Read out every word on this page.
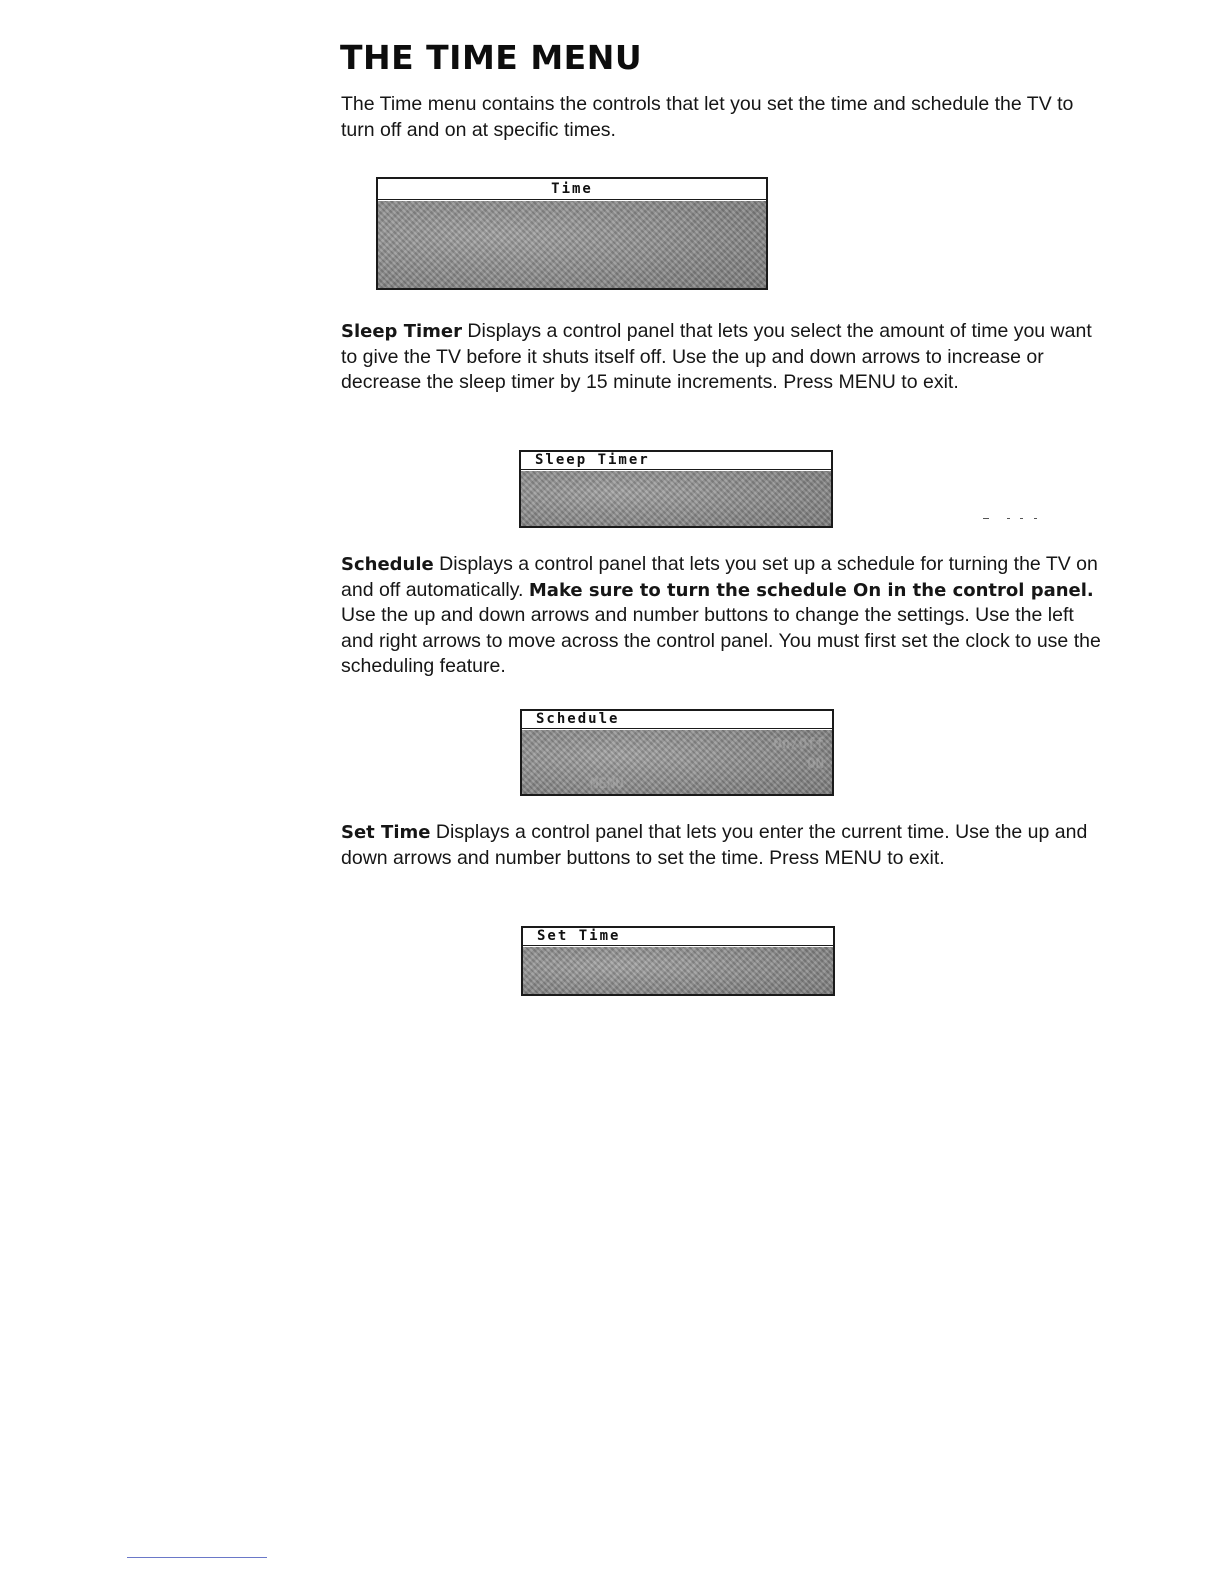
THE TIME MENU

The Time menu contains the controls that let you set the time and schedule the TV to turn off and on at specific times.

Time

Sleep Timer Displays a control panel that lets you select the amount of time you want to give the TV before it shuts itself off. Use the up and down arrows to increase or decrease the sleep timer by 15 minute increments. Press MENU to exit.

Sleep Timer

Schedule Displays a control panel that lets you set up a schedule for turning the TV on and off automatically. Make sure to turn the schedule On in the control panel. Use the up and down arrows and number buttons to change the settings. Use the left and right arrows to move across the control panel. You must first set the clock to use the scheduling feature.

Schedule
On/Off
ON
MENU

Set Time Displays a control panel that lets you enter the current time. Use the up and down arrows and number buttons to set the time. Press MENU to exit.

Set Time
